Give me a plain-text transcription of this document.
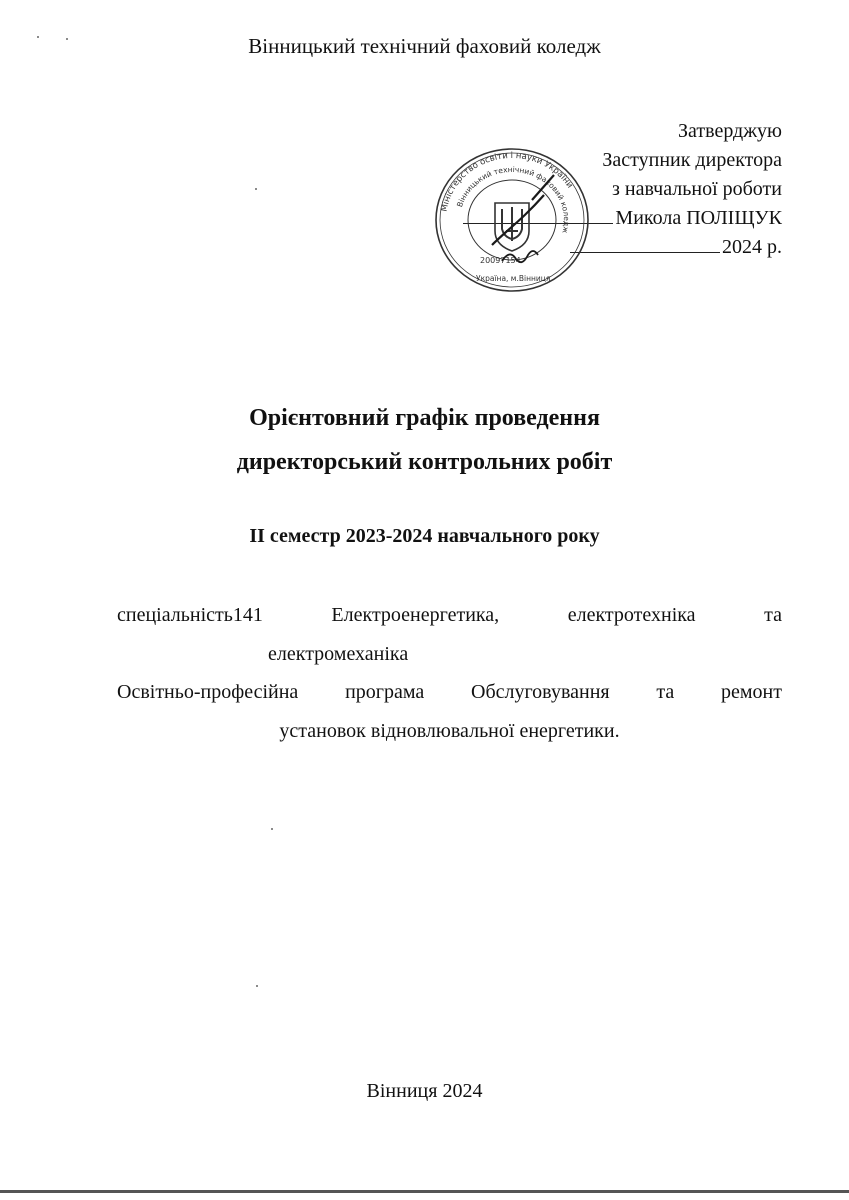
Вінницький технічний фаховий коледж
Затверджую
Заступник директора
з навчальної роботи
Микола ПОЛІЩУК
2024 р.
Міністерство освіти і науки України
Вінницький технічний фаховий коледж
20097154
Україна, м.Вінниця
Орієнтовний графік проведення
директорський контрольних робіт
ІІ семестр 2023-2024 навчального року
спеціальність141	Електроенергетика,	електротехніка	та
електромеханіка
Освітньо-професійна програма Обслуговування та ремонт
установок відновлювальної енергетики.
Вінниця 2024
